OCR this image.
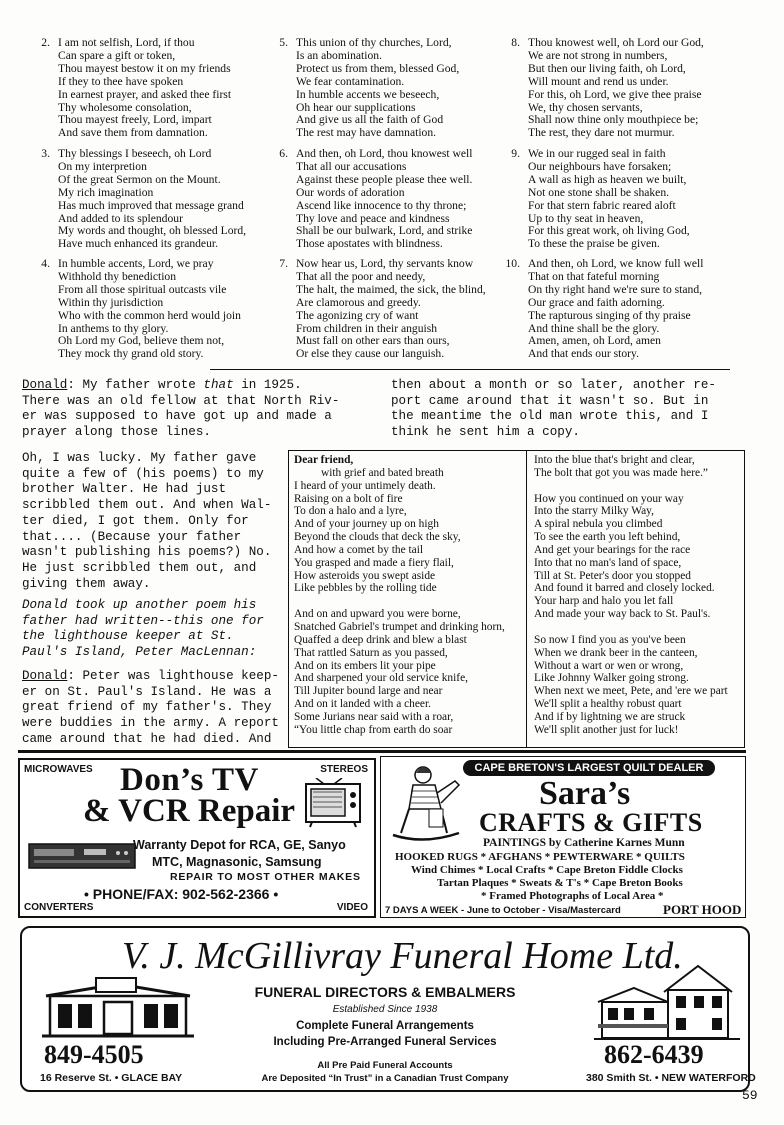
2. I am not selfish, Lord, if thou
Can spare a gift or token,
Thou mayest bestow it on my friends
If they to thee have spoken
In earnest prayer, and asked thee first
Thy wholesome consolation,
Thou mayest freely, Lord, impart
And save them from damnation.
3. Thy blessings I beseech, oh Lord
On my interpretion
Of the great Sermon on the Mount.
My rich imagination
Has much improved that message grand
And added to its splendour
My words and thought, oh blessed Lord,
Have much enhanced its grandeur.
4. In humble accents, Lord, we pray
Withhold thy benediction
From all those spiritual outcasts vile
Within thy jurisdiction
Who with the common herd would join
In anthems to thy glory.
Oh Lord my God, believe them not,
They mock thy grand old story.
5. This union of thy churches, Lord,
Is an abomination.
Protect us from them, blessed God,
We fear contamination.
In humble accents we beseech,
Oh hear our supplications
And give us all the faith of God
The rest may have damnation.
6. And then, oh Lord, thou knowest well
That all our accusations
Against these people please thee well.
Our words of adoration
Ascend like innocence to thy throne;
Thy love and peace and kindness
Shall be our bulwark, Lord, and strike
Those apostates with blindness.
7. Now hear us, Lord, thy servants know
That all the poor and needy,
The halt, the maimed, the sick, the blind,
Are clamorous and greedy.
The agonizing cry of want
From children in their anguish
Must fall on other ears than ours,
Or else they cause our languish.
8. Thou knowest well, oh Lord our God,
We are not strong in numbers,
But then our living faith, oh Lord,
Will mount and rend us under.
For this, oh Lord, we give thee praise
We, thy chosen servants,
Shall now thine only mouthpiece be;
The rest, they dare not murmur.
9. We in our rugged seal in faith
Our neighbours have forsaken;
A wall as high as heaven we built,
Not one stone shall be shaken.
For that stern fabric reared aloft
Up to thy seat in heaven,
For this great work, oh living God,
To these the praise be given.
10. And then, oh Lord, we know full well
That on that fateful morning
On thy right hand we're sure to stand,
Our grace and faith adorning.
The rapturous singing of thy praise
And thine shall be the glory.
Amen, amen, oh Lord, amen
And that ends our story.
Donald: My father wrote that in 1925.
There was an old fellow at that North Riv-
er was supposed to have got up and made a
prayer along those lines.
then about a month or so later, another re-
port came around that it wasn't so. But in
the meantime the old man wrote this, and I
think he sent him a copy.
Oh, I was lucky. My father gave
quite a few of (his poems) to my
brother Walter. He had just
scribbled them out. And when Wal-
ter died, I got them. Only for
that.... (Because your father
wasn't publishing his poems?) No.
He just scribbled them out, and
giving them away.
Donald took up another poem his
father had written--this one for
the lighthouse keeper at St.
Paul's Island, Peter MacLennan:
Donald: Peter was lighthouse keep-
er on St. Paul's Island. He was a
great friend of my father's. They
were buddies in the army. A report
came around that he had died. And
Dear friend,
with grief and bated breath
I heard of your untimely death.
Raising on a bolt of fire
To don a halo and a lyre,
And of your journey up on high
Beyond the clouds that deck the sky,
And how a comet by the tail
You grasped and made a fiery flail,
How asteroids you swept aside
Like pebbles by the rolling tide
And on and upward you were borne,
Snatched Gabriel's trumpet and drinking horn,
Quaffed a deep drink and blew a blast
That rattled Saturn as you passed,
And on its embers lit your pipe
And sharpened your old service knife,
Till Jupiter bound large and near
And on it landed with a cheer.
Some Jurians near said with a roar,
“You little chap from earth do soar
Into the blue that's bright and clear,
The bolt that got you was made here.”
How you continued on your way
Into the starry Milky Way,
A spiral nebula you climbed
To see the earth you left behind,
And get your bearings for the race
Into that no man's land of space,
Till at St. Peter's door you stopped
And found it barred and closely locked.
Your harp and halo you let fall
And made your way back to St. Paul's.
So now I find you as you've been
When we drank beer in the canteen,
Without a wart or wen or wrong,
Like Johnny Walker going strong.
When next we meet, Pete, and 'ere we part
We'll split a healthy robust quart
And if by lightning we are struck
We'll split another just for luck!
MICROWAVES	STEREOS
Don’s TV
& VCR Repair
Warranty Depot for RCA, GE, Sanyo
MTC, Magnasonic, Samsung
REPAIR TO MOST OTHER MAKES
• PHONE/FAX: 902-562-2366 •
CONVERTERS	VIDEO
CAPE BRETON'S LARGEST QUILT DEALER
Sara’s
CRAFTS & GIFTS
PAINTINGS by Catherine Karnes Munn
HOOKED RUGS * AFGHANS * PEWTERWARE * QUILTS
Wind Chimes * Local Crafts * Cape Breton Fiddle Clocks
Tartan Plaques * Sweats & T's * Cape Breton Books
* Framed Photographs of Local Area *
7 DAYS A WEEK - June to October - Visa/Mastercard	PORT HOOD
V. J. McGillivray Funeral Home Ltd.
849-4505
16 Reserve St. • GLACE BAY
FUNERAL DIRECTORS & EMBALMERS
Established Since 1938
Complete Funeral Arrangements
Including Pre-Arranged Funeral Services
All Pre Paid Funeral Accounts
Are Deposited “In Trust” in a Canadian Trust Company
862-6439
380 Smith St. • NEW WATERFORD
59
